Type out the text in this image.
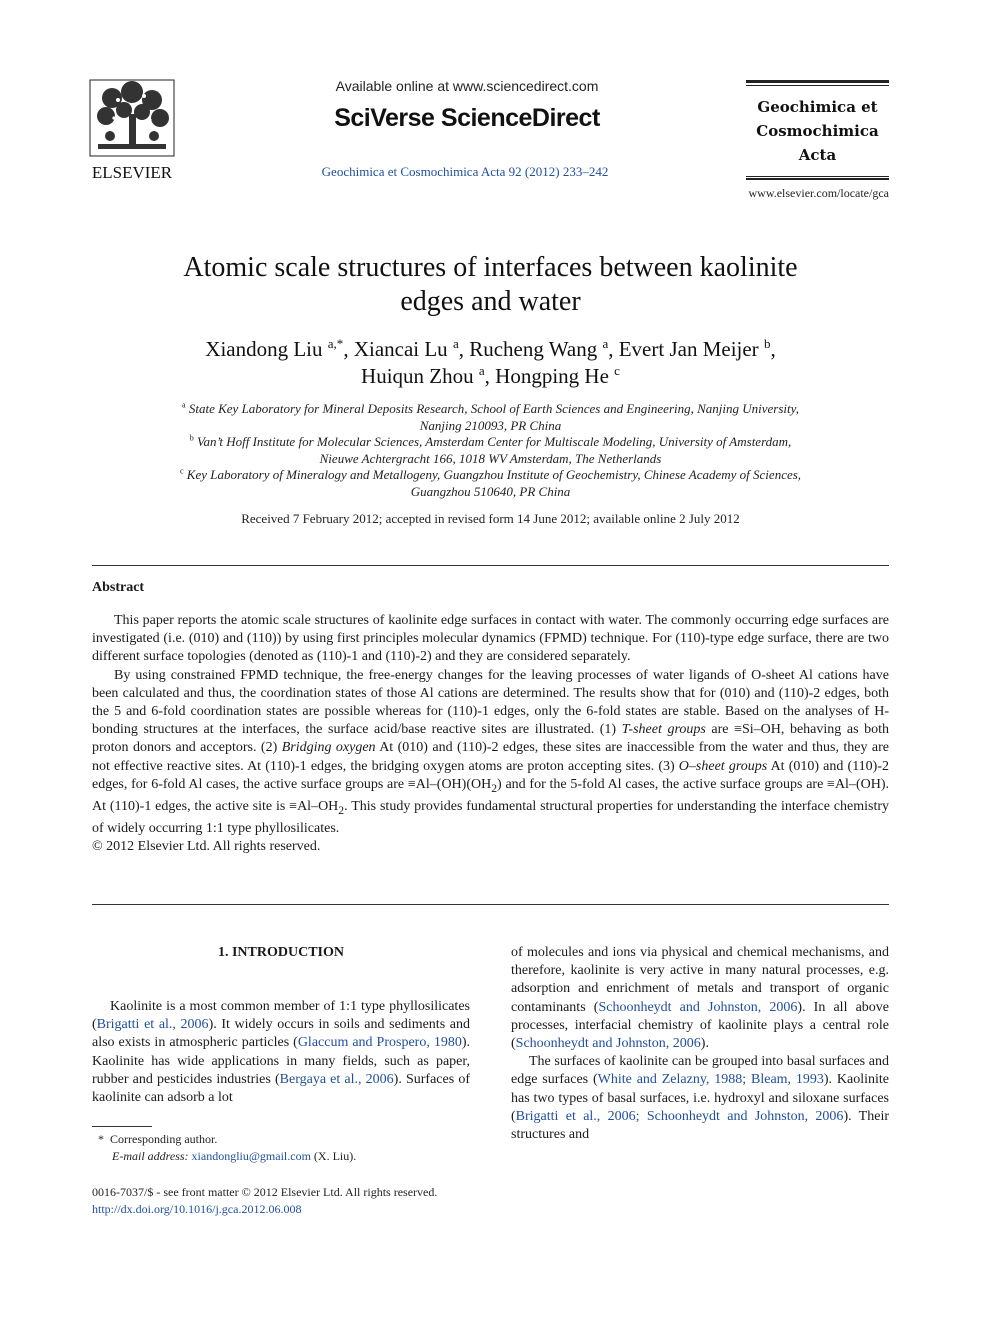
ELSEVIER
Available online at www.sciencedirect.com
SciVerse ScienceDirect
Geochimica et Cosmochimica Acta 92 (2012) 233–242
Geochimica et
Cosmochimica
Acta
www.elsevier.com/locate/gca
Atomic scale structures of interfaces between kaolinite
edges and water
Xiandong Liu $^{a,*}$, Xiancai Lu $^a$, Rucheng Wang $^a$, Evert Jan Meijer $^b$,
Huiqun Zhou $^a$, Hongping He $^c$
$^a$ State Key Laboratory for Mineral Deposits Research, School of Earth Sciences and Engineering, Nanjing University,
Nanjing 210093, PR China
$^b$ Van’t Hoff Institute for Molecular Sciences, Amsterdam Center for Multiscale Modeling, University of Amsterdam,
Nieuwe Achtergracht 166, 1018 WV Amsterdam, The Netherlands
$^c$ Key Laboratory of Mineralogy and Metallogeny, Guangzhou Institute of Geochemistry, Chinese Academy of Sciences,
Guangzhou 510640, PR China
Received 7 February 2012; accepted in revised form 14 June 2012; available online 2 July 2012
Abstract

This paper reports the atomic scale structures of kaolinite edge surfaces in contact with water. The commonly occurring edge surfaces are investigated (i.e. (010) and (110)) by using first principles molecular dynamics (FPMD) technique. For (110)-type edge surface, there are two different surface topologies (denoted as (110)-1 and (110)-2) and they are considered separately.

By using constrained FPMD technique, the free-energy changes for the leaving processes of water ligands of O-sheet Al cations have been calculated and thus, the coordination states of those Al cations are determined. The results show that for (010) and (110)-2 edges, both the 5 and 6-fold coordination states are possible whereas for (110)-1 edges, only the 6-fold states are stable. Based on the analyses of H-bonding structures at the interfaces, the surface acid/base reactive sites are illustrated. (1) T-sheet groups are ≡Si–OH, behaving as both proton donors and acceptors. (2) Bridging oxygen At (010) and (110)-2 edges, these sites are inaccessible from the water and thus, they are not effective reactive sites. At (110)-1 edges, the bridging oxygen atoms are proton accepting sites. (3) O–sheet groups At (010) and (110)-2 edges, for 6-fold Al cases, the active surface groups are $\equiv Al-(OH)(OH_2)$ and for the 5-fold Al cases, the active surface groups are ≡Al–(OH). At (110)-1 edges, the active site is $\equiv Al-OH_2$. This study provides fundamental structural properties for understanding the interface chemistry of widely occurring 1:1 type phyllosilicates.

© 2012 Elsevier Ltd. All rights reserved.

1. INTRODUCTION

Kaolinite is a most common member of 1:1 type phyllosilicates (Brigatti et al., 2006). It widely occurs in soils and sediments and also exists in atmospheric particles (Glaccum and Prospero, 1980). Kaolinite has wide applications in many fields, such as paper, rubber and pesticides industries (Bergaya et al., 2006). Surfaces of kaolinite can adsorb a lot

of molecules and ions via physical and chemical mechanisms, and therefore, kaolinite is very active in many natural processes, e.g. adsorption and enrichment of metals and transport of organic contaminants (Schoonheydt and Johnston, 2006). In all above processes, interfacial chemistry of kaolinite plays a central role (Schoonheydt and Johnston, 2006).

The surfaces of kaolinite can be grouped into basal surfaces and edge surfaces (White and Zelazny, 1988; Bleam, 1993). Kaolinite has two types of basal surfaces, i.e. hydroxyl and siloxane surfaces (Brigatti et al., 2006; Schoonheydt and Johnston, 2006). Their structures and

* Corresponding author.
E-mail address: xiandongliu@gmail.com (X. Liu).
0016-7037/$ - see front matter © 2012 Elsevier Ltd. All rights reserved.
http://dx.doi.org/10.1016/j.gca.2012.06.008
